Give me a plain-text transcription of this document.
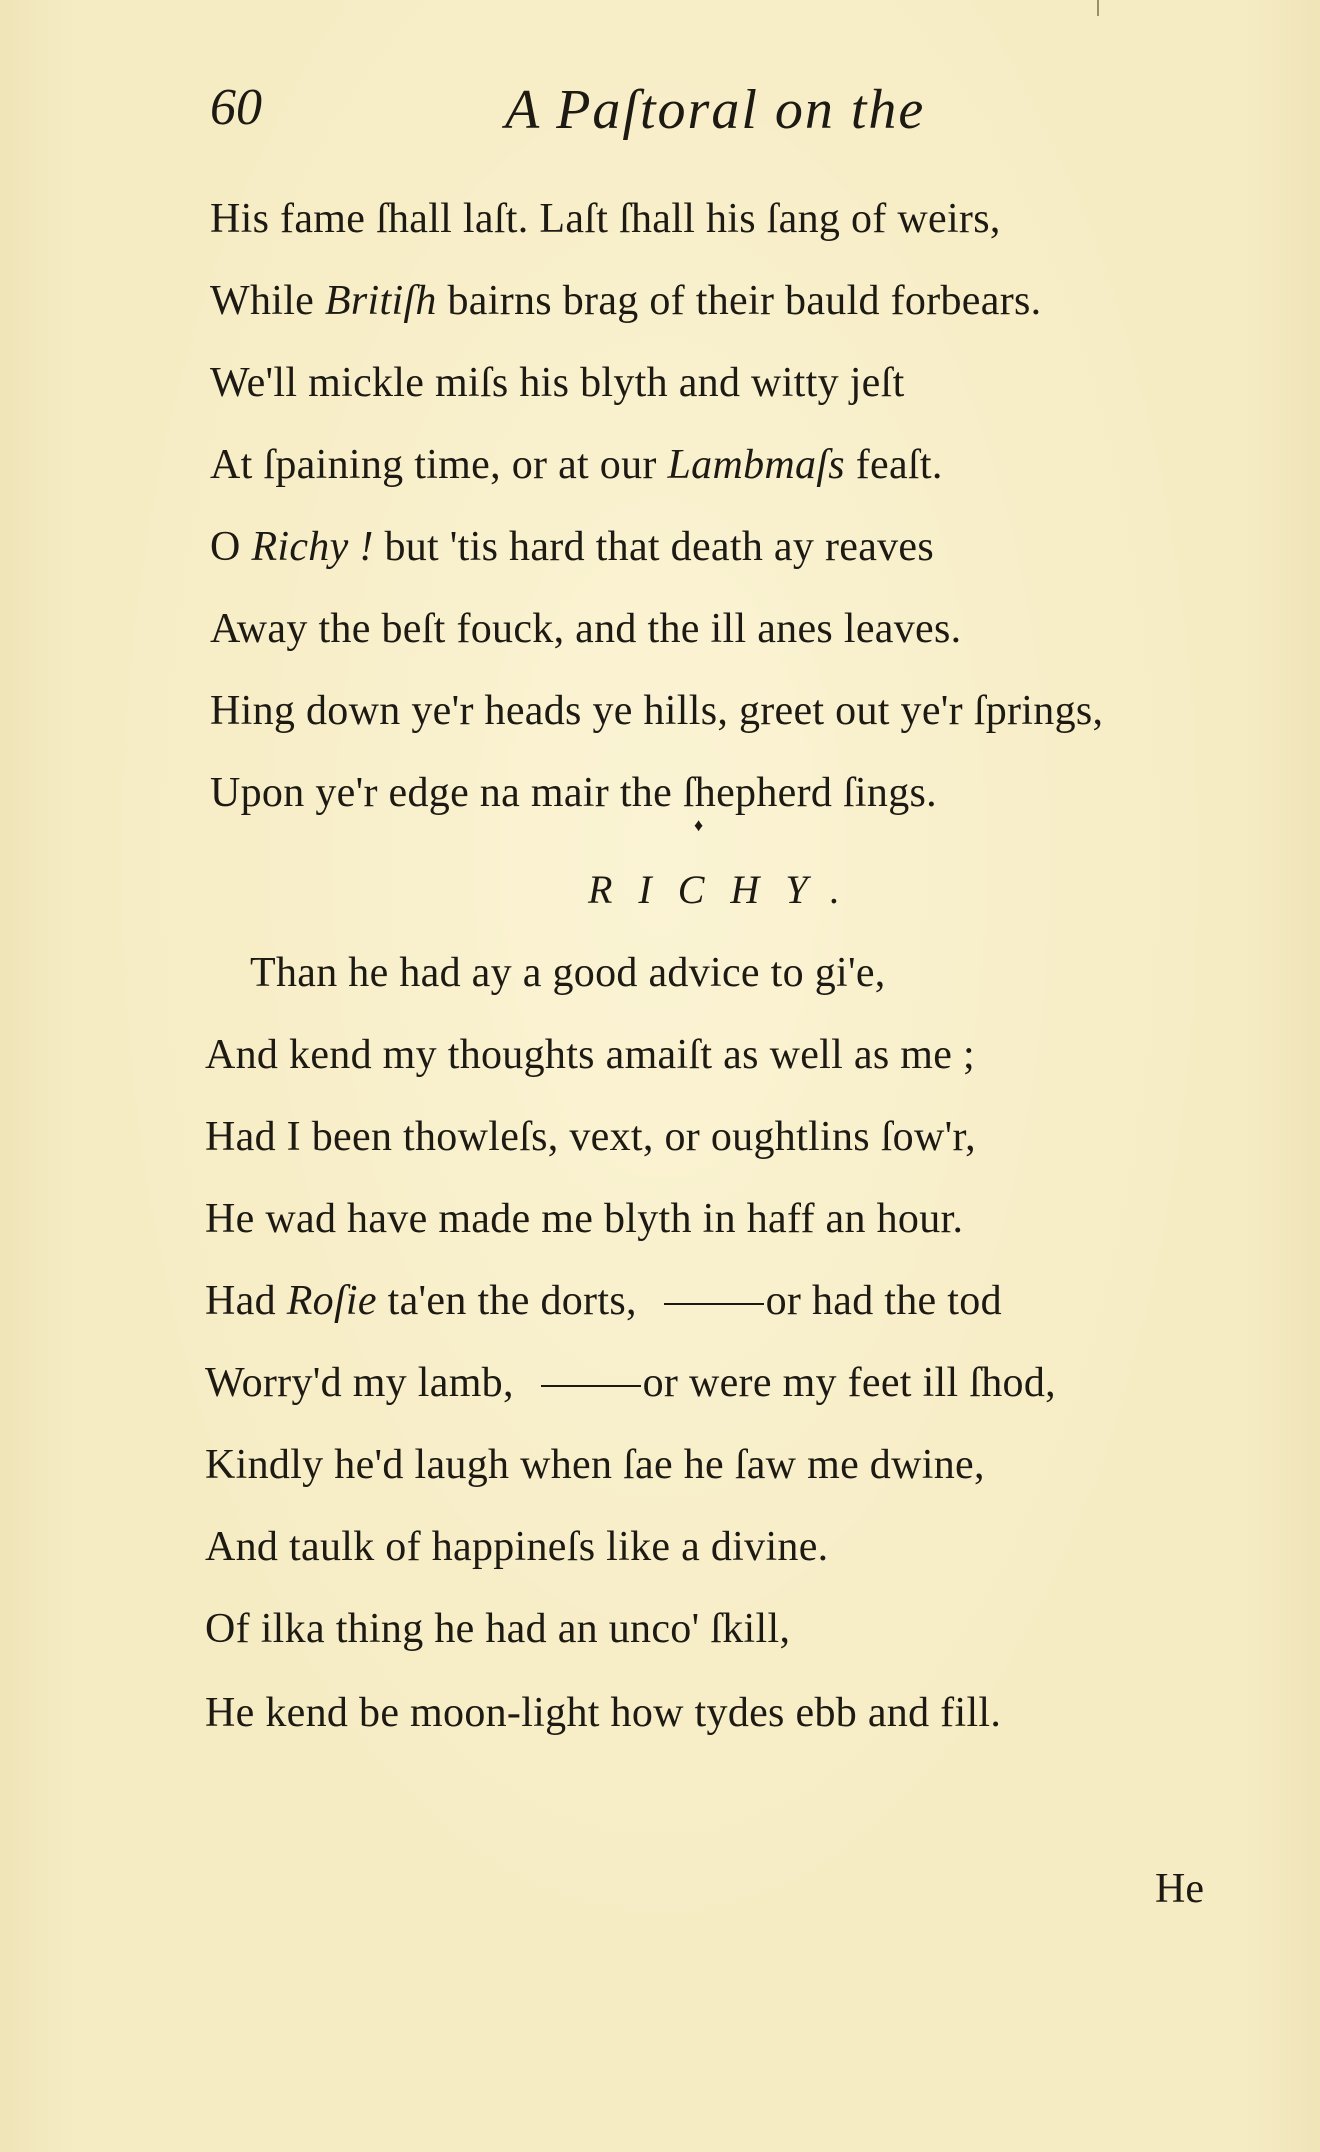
60	A Paſtoral on the
His fame ſhall laſt. Laſt ſhall his ſang of weirs,
While Britiſh bairns brag of their bauld forbears.
We'll mickle miſs his blyth and witty jeſt
At ſpaining time, or at our Lambmaſs feaſt.
O Richy ! but 'tis hard that death ay reaves
Away the beſt fouck, and the ill anes leaves.
Hing down ye'r heads ye hills, greet out ye'r ſprings,
Upon ye'r edge na mair the ſhepherd ſings.
♦
RICHY.
Than he had ay a good advice to gi'e,
And kend my thoughts amaiſt as well as me ;
Had I been thowleſs, vext, or oughtlins ſow'r,
He wad have made me blyth in haff an hour.
Had Roſie ta'en the dorts,	or had the tod
Worry'd my lamb,	or were my feet ill ſhod,
Kindly he'd laugh when ſae he ſaw me dwine,
And taulk of happineſs like a divine.
Of ilka thing he had an unco' ſkill,
He kend be moon-light how tydes ebb and fill.
He
